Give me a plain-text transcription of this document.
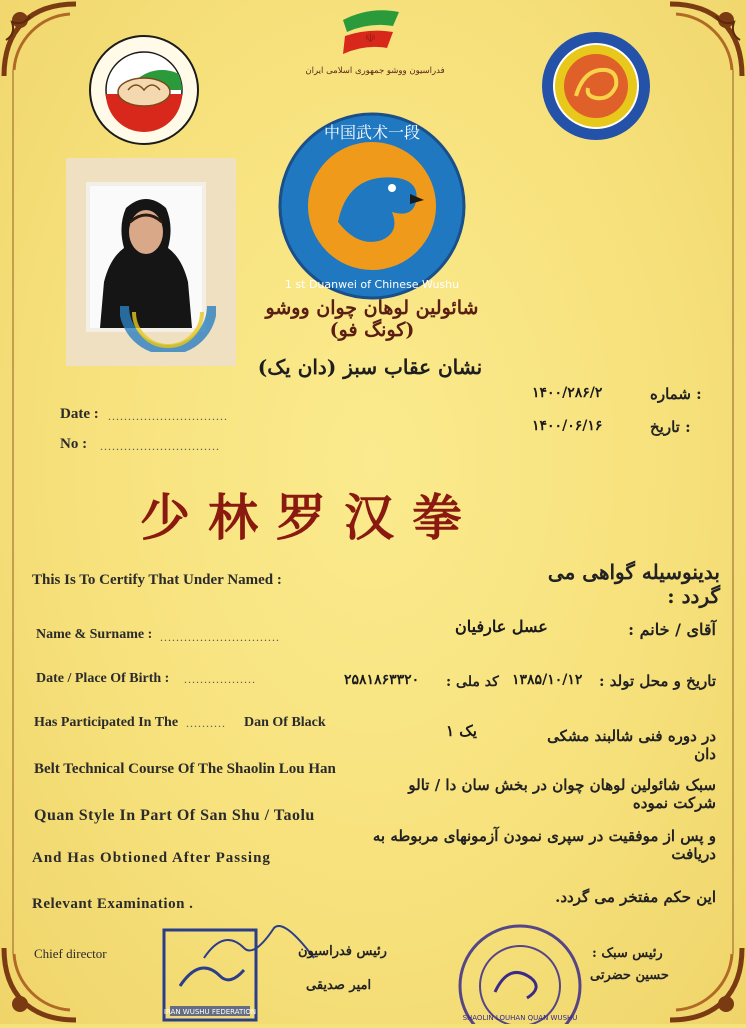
☫
فدراسیون ووشو جمهوری اسلامی ایران
中国武术一段
1 st Duanwei of Chinese Wushu
شائولین لوهان چوان ووشو (کونگ فو)
نشان عقاب سبز (دان یک)
Date : ..............................
No : ..............................
: شماره
۱۴۰۰/۲۸۶/۲
: تاریخ
۱۴۰۰/۰۶/۱۶
少林罗汉拳
This Is To Certify That Under Named :	بدینوسیله گواهی می گردد :
Name & Surname : ..............................
عسل عارفیان	آقای / خانم :
Date / Place Of Birth : ..................	۲۵۸۱۸۶۳۳۲۰ کد ملی : ۱۳۸۵/۱۰/۱۲	تاریخ و محل تولد :
Has Participated In The .......... Dan Of Black	یک ۱	در دوره فنی شالبند مشکی دان
Belt Technical Course Of The Shaolin Lou Han
سبک شائولین لوهان چوان در بخش سان دا / تالو شرکت نموده
Quan Style In Part Of San Shu / Taolu
و پس از موفقیت در سپری نمودن آزمونهای مربوطه به دریافت
And Has Obtioned After Passing
این حکم مفتخر می گردد.
Relevant Examination .
Chief director
IRAN WUSHU FEDERATION
رئیس فدراسیون
امیر صدیقی
SHAOLIN LOUHAN QUAN WUSHU
رئیس سبک :
حسین حضرتی
